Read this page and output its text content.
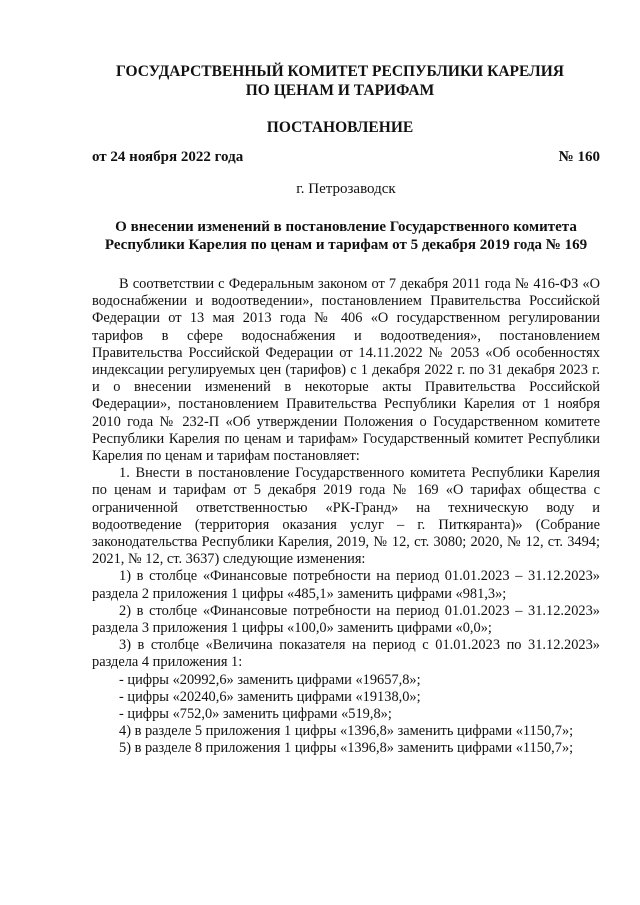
ГОСУДАРСТВЕННЫЙ КОМИТЕТ РЕСПУБЛИКИ КАРЕЛИЯ
ПО ЦЕНАМ И ТАРИФАМ
ПОСТАНОВЛЕНИЕ
от 24 ноября 2022 года	№ 160
г. Петрозаводск
О внесении изменений в постановление Государственного комитета
Республики Карелия по ценам и тарифам от 5 декабря 2019 года № 169

В соответствии с Федеральным законом от 7 декабря 2011 года № 416-ФЗ «О водоснабжении и водоотведении», постановлением Правительства Российской Федерации от 13 мая 2013 года № 406 «О государственном регулировании тарифов в сфере водоснабжения и водоотведения», постановлением Правительства Российской Федерации от 14.11.2022 № 2053 «Об особенностях индексации регулируемых цен (тарифов) с 1 декабря 2022 г. по 31 декабря 2023 г. и о внесении изменений в некоторые акты Правительства Российской Федерации», постановлением Правительства Республики Карелия от 1 ноября 2010 года № 232-П «Об утверждении Положения о Государственном комитете Республики Карелия по ценам и тарифам» Государственный комитет Республики Карелия по ценам и тарифам постановляет:

1. Внести в постановление Государственного комитета Республики Карелия по ценам и тарифам от 5 декабря 2019 года № 169 «О тарифах общества с ограниченной ответственностью «РК-Гранд» на техническую воду и водоотведение (территория оказания услуг – г. Питкяранта)» (Собрание законодательства Республики Карелия, 2019, № 12, ст. 3080; 2020, № 12, ст. 3494; 2021, № 12, ст. 3637) следующие изменения:

1) в столбце «Финансовые потребности на период 01.01.2023 – 31.12.2023» раздела 2 приложения 1 цифры «485,1» заменить цифрами «981,3»;

2) в столбце «Финансовые потребности на период 01.01.2023 – 31.12.2023» раздела 3 приложения 1 цифры «100,0» заменить цифрами «0,0»;

3) в столбце «Величина показателя на период с 01.01.2023 по 31.12.2023» раздела 4 приложения 1:

- цифры «20992,6» заменить цифрами «19657,8»;

- цифры «20240,6» заменить цифрами «19138,0»;

- цифры «752,0» заменить цифрами «519,8»;

4) в разделе 5 приложения 1 цифры «1396,8» заменить цифрами «1150,7»;

5) в разделе 8 приложения 1 цифры «1396,8» заменить цифрами «1150,7»;
